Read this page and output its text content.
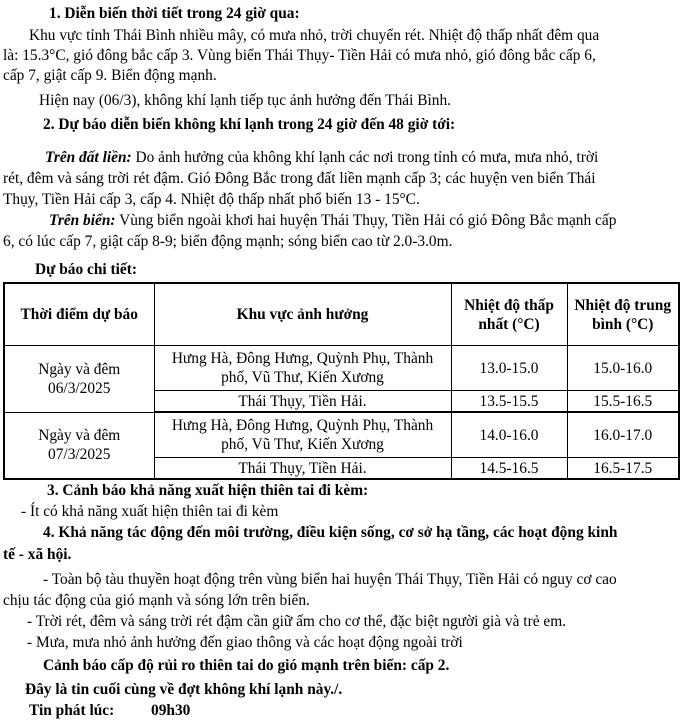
1. Diễn biến thời tiết trong 24 giờ qua:
Khu vực tỉnh Thái Bình nhiều mây, có mưa nhỏ, trời chuyển rét. Nhiệt độ thấp nhất đêm qua
là: 15.3°C, gió đông bắc cấp 3. Vùng biển Thái Thụy- Tiền Hải có mưa nhỏ, gió đông bắc cấp 6,
cấp 7, giật cấp 9. Biển động mạnh.
Hiện nay (06/3), không khí lạnh tiếp tục ảnh hưởng đến Thái Bình.
2. Dự báo diễn biến không khí lạnh trong 24 giờ đến 48 giờ tới:
Trên đất liền: Do ảnh hưởng của không khí lạnh các nơi trong tỉnh có mưa, mưa nhỏ, trời
rét, đêm và sáng trời rét đậm. Gió Đông Bắc trong đất liền mạnh cấp 3; các huyện ven biển Thái
Thụy, Tiền Hải cấp 3, cấp 4. Nhiệt độ thấp nhất phổ biến 13 - 15°C.
Trên biển: Vùng biển ngoài khơi hai huyện Thái Thụy, Tiền Hải có gió Đông Bắc mạnh cấp
6, có lúc cấp 7, giật cấp 8-9; biển động mạnh; sóng biển cao từ 2.0-3.0m.
Dự báo chi tiết:
Thời điểm dự báo	Khu vực ảnh hưởng	Nhiệt độ thấp nhất (°C)	Nhiệt độ trung bình (°C)

Ngày và đêm
06/3/2025	Hưng Hà, Đông Hưng, Quỳnh Phụ, Thành phố, Vũ Thư, Kiến Xương	13.0-15.0	15.0-16.0
	Thái Thụy, Tiền Hải.	13.5-15.5	15.5-16.5

Ngày và đêm
07/3/2025	Hưng Hà, Đông Hưng, Quỳnh Phụ, Thành phố, Vũ Thư, Kiến Xương	14.0-16.0	16.0-17.0
	Thái Thụy, Tiền Hải.	14.5-16.5	16.5-17.5
3. Cảnh báo khả năng xuất hiện thiên tai đi kèm:
- Ít có khả năng xuất hiện thiên tai đi kèm
4. Khả năng tác động đến môi trường, điều kiện sống, cơ sở hạ tầng, các hoạt động kinh
tế - xã hội.
- Toàn bộ tàu thuyền hoạt động trên vùng biển hai huyện Thái Thụy, Tiền Hải có nguy cơ cao
chịu tác động của gió mạnh và sóng lớn trên biển.
- Trời rét, đêm và sáng trời rét đậm cần giữ ấm cho cơ thể, đặc biệt người già và trẻ em.
- Mưa, mưa nhỏ ảnh hưởng đến giao thông và các hoạt động ngoài trời
Cảnh báo cấp độ rủi ro thiên tai do gió mạnh trên biển: cấp 2.
Đây là tin cuối cùng về đợt không khí lạnh này./.
Tin phát lúc: 09h30
